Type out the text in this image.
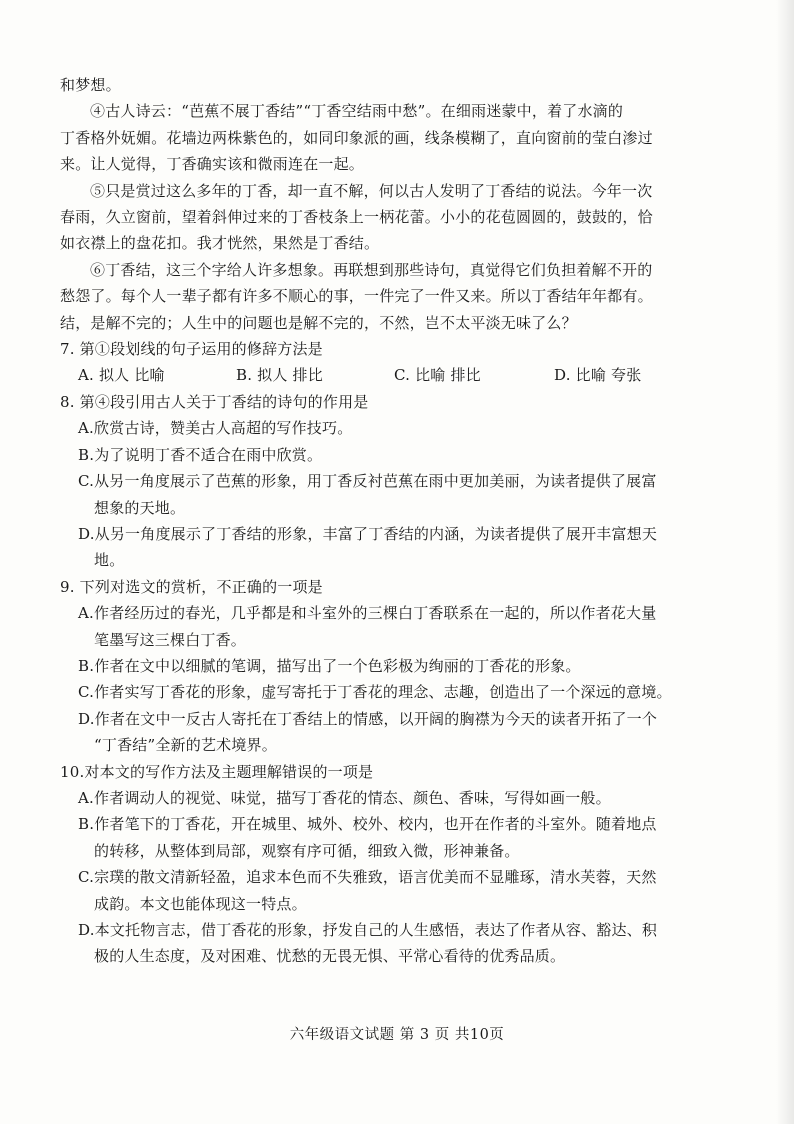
和梦想。
④古人诗云：“芭蕉不展丁香结”“丁香空结雨中愁”。在细雨迷蒙中，着了水滴的
丁香格外妩媚。花墙边两株紫色的，如同印象派的画，线条模糊了，直向窗前的莹白渗过
来。让人觉得，丁香确实该和微雨连在一起。
⑤只是赏过这么多年的丁香，却一直不解，何以古人发明了丁香结的说法。今年一次
春雨，久立窗前，望着斜伸过来的丁香枝条上一柄花蕾。小小的花苞圆圆的，鼓鼓的，恰
如衣襟上的盘花扣。我才恍然，果然是丁香结。
⑥丁香结，这三个字给人许多想象。再联想到那些诗句，真觉得它们负担着解不开的
愁怨了。每个人一辈子都有许多不顺心的事，一件完了一件又来。所以丁香结年年都有。
结，是解不完的；人生中的问题也是解不完的，不然，岂不太平淡无味了么？
7. 第①段划线的句子运用的修辞方法是
A. 拟人 比喻	B. 拟人 排比	C. 比喻 排比	D. 比喻 夸张
8. 第④段引用古人关于丁香结的诗句的作用是
A.欣赏古诗，赞美古人高超的写作技巧。
B.为了说明丁香不适合在雨中欣赏。
C.从另一角度展示了芭蕉的形象，用丁香反衬芭蕉在雨中更加美丽，为读者提供了展富
想象的天地。
D.从另一角度展示了丁香结的形象，丰富了丁香结的内涵，为读者提供了展开丰富想天
地。
9. 下列对选文的赏析，不正确的一项是
A.作者经历过的春光，几乎都是和斗室外的三棵白丁香联系在一起的，所以作者花大量
笔墨写这三棵白丁香。
B.作者在文中以细腻的笔调，描写出了一个色彩极为绚丽的丁香花的形象。
C.作者实写丁香花的形象，虚写寄托于丁香花的理念、志趣，创造出了一个深远的意境。
D.作者在文中一反古人寄托在丁香结上的情感，以开阔的胸襟为今天的读者开拓了一个
“丁香结”全新的艺术境界。
10.对本文的写作方法及主题理解错误的一项是
A.作者调动人的视觉、味觉，描写丁香花的情态、颜色、香味，写得如画一般。
B.作者笔下的丁香花，开在城里、城外、校外、校内，也开在作者的斗室外。随着地点
的转移，从整体到局部，观察有序可循，细致入微，形神兼备。
C.宗璞的散文清新轻盈，追求本色而不失雅致，语言优美而不显雕琢，清水芙蓉，天然
成韵。本文也能体现这一特点。
D.本文托物言志，借丁香花的形象，抒发自己的人生感悟，表达了作者从容、豁达、积
极的人生态度，及对困难、忧愁的无畏无惧、平常心看待的优秀品质。
六年级语文试题 第 3 页 共10页
